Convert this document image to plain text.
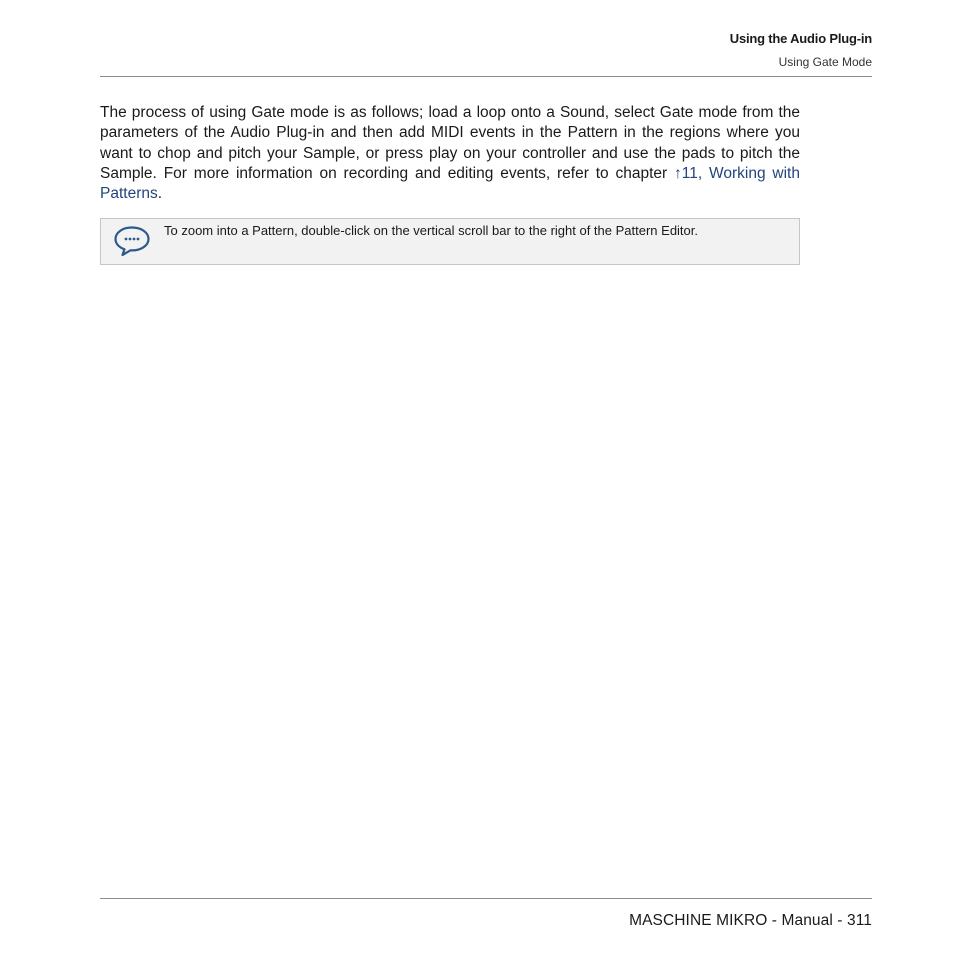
Using the Audio Plug-in
Using Gate Mode

The process of using Gate mode is as follows; load a loop onto a Sound, select Gate mode from the parameters of the Audio Plug-in and then add MIDI events in the Pattern in the regions where you want to chop and pitch your Sample, or press play on your controller and use the pads to pitch the Sample. For more information on recording and editing events, refer to chapter ↑11, Working with Patterns.

To zoom into a Pattern, double-click on the vertical scroll bar to the right of the Pattern Editor.
MASCHINE MIKRO - Manual - 311
